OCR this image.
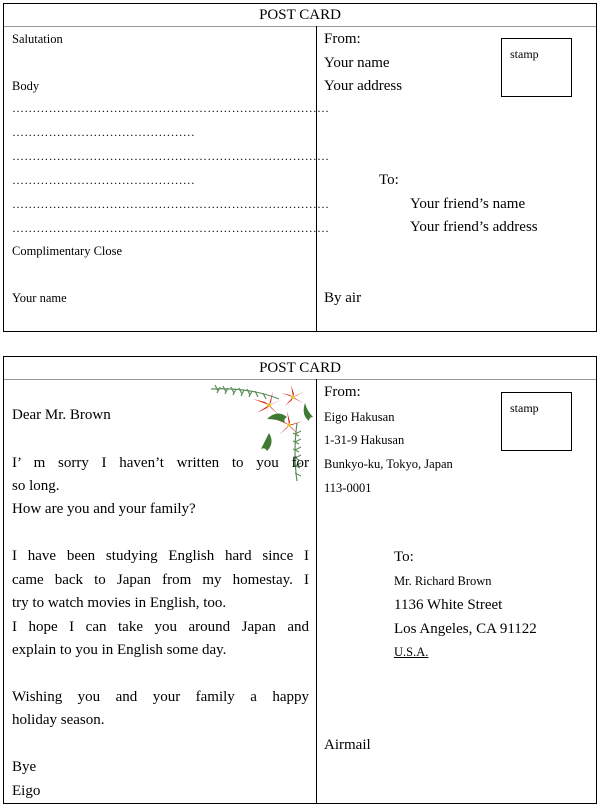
POST CARD
Salutation
Body
……………………………………………………………………
………………………………………
……………………………………………………………………
………………………………………
……………………………………………………………………
……………………………………………………………………
Complimentary Close
Your name
From:
Your name
Your address
stamp
To:
Your friend’s name
Your friend’s address
By air
POST CARD
Dear Mr. Brown
I’ m sorry I haven’t written to you for
so long.
How are you and your family?
I have been studying English hard since I
came back to Japan from my homestay. I
try to watch movies in English, too.
I hope I can take you around Japan and
explain to you in English some day.
Wishing you and your family a happy
holiday season.
Bye
Eigo
From:
Eigo Hakusan
1-31-9 Hakusan
Bunkyo-ku, Tokyo, Japan
113-0001
stamp
To:
Mr. Richard Brown
1136 White Street
Los Angeles, CA 91122
U.S.A.
Airmail
